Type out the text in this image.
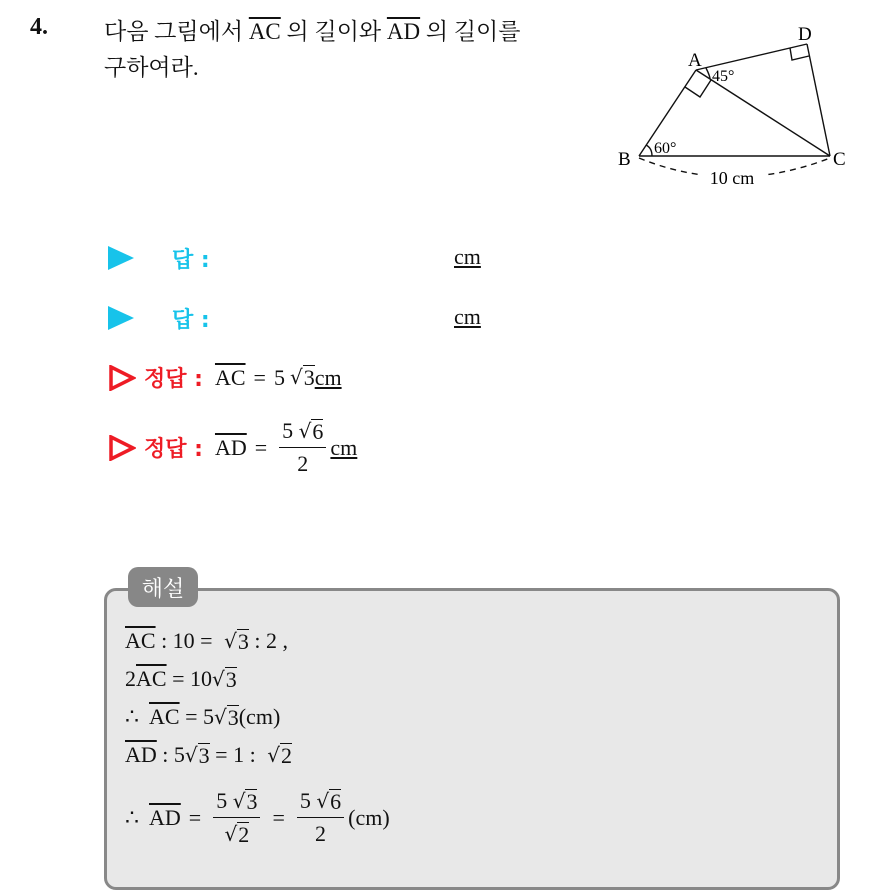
4. 다음 그림에서 $\overline{AC}$ 의 길이와 $\overline{AD}$ 의 길이를
구하여라.	A
B	C
D
45°
60°
10 cm
답 :	cm
답 :	cm
정답 : $\overline{AC} = 5$ √ 3 cm
정답 : $\overline{AD} = \frac{5 √ 6}{2}$ cm
해설
$\overline{AC}$ : 10 = √ 3 : 2 ,
2 $\overline{AC} = 10$ √ 3
∴ $\overline{AC} = 5$ √ 3 (cm)
$\overline{AD}$ : 5 √ 3 = 1 : √ 2
∴ $\overline{AD} = \frac{5 √ 3}{√ 2} = \frac{5 √ 6}{2} (cm)$
